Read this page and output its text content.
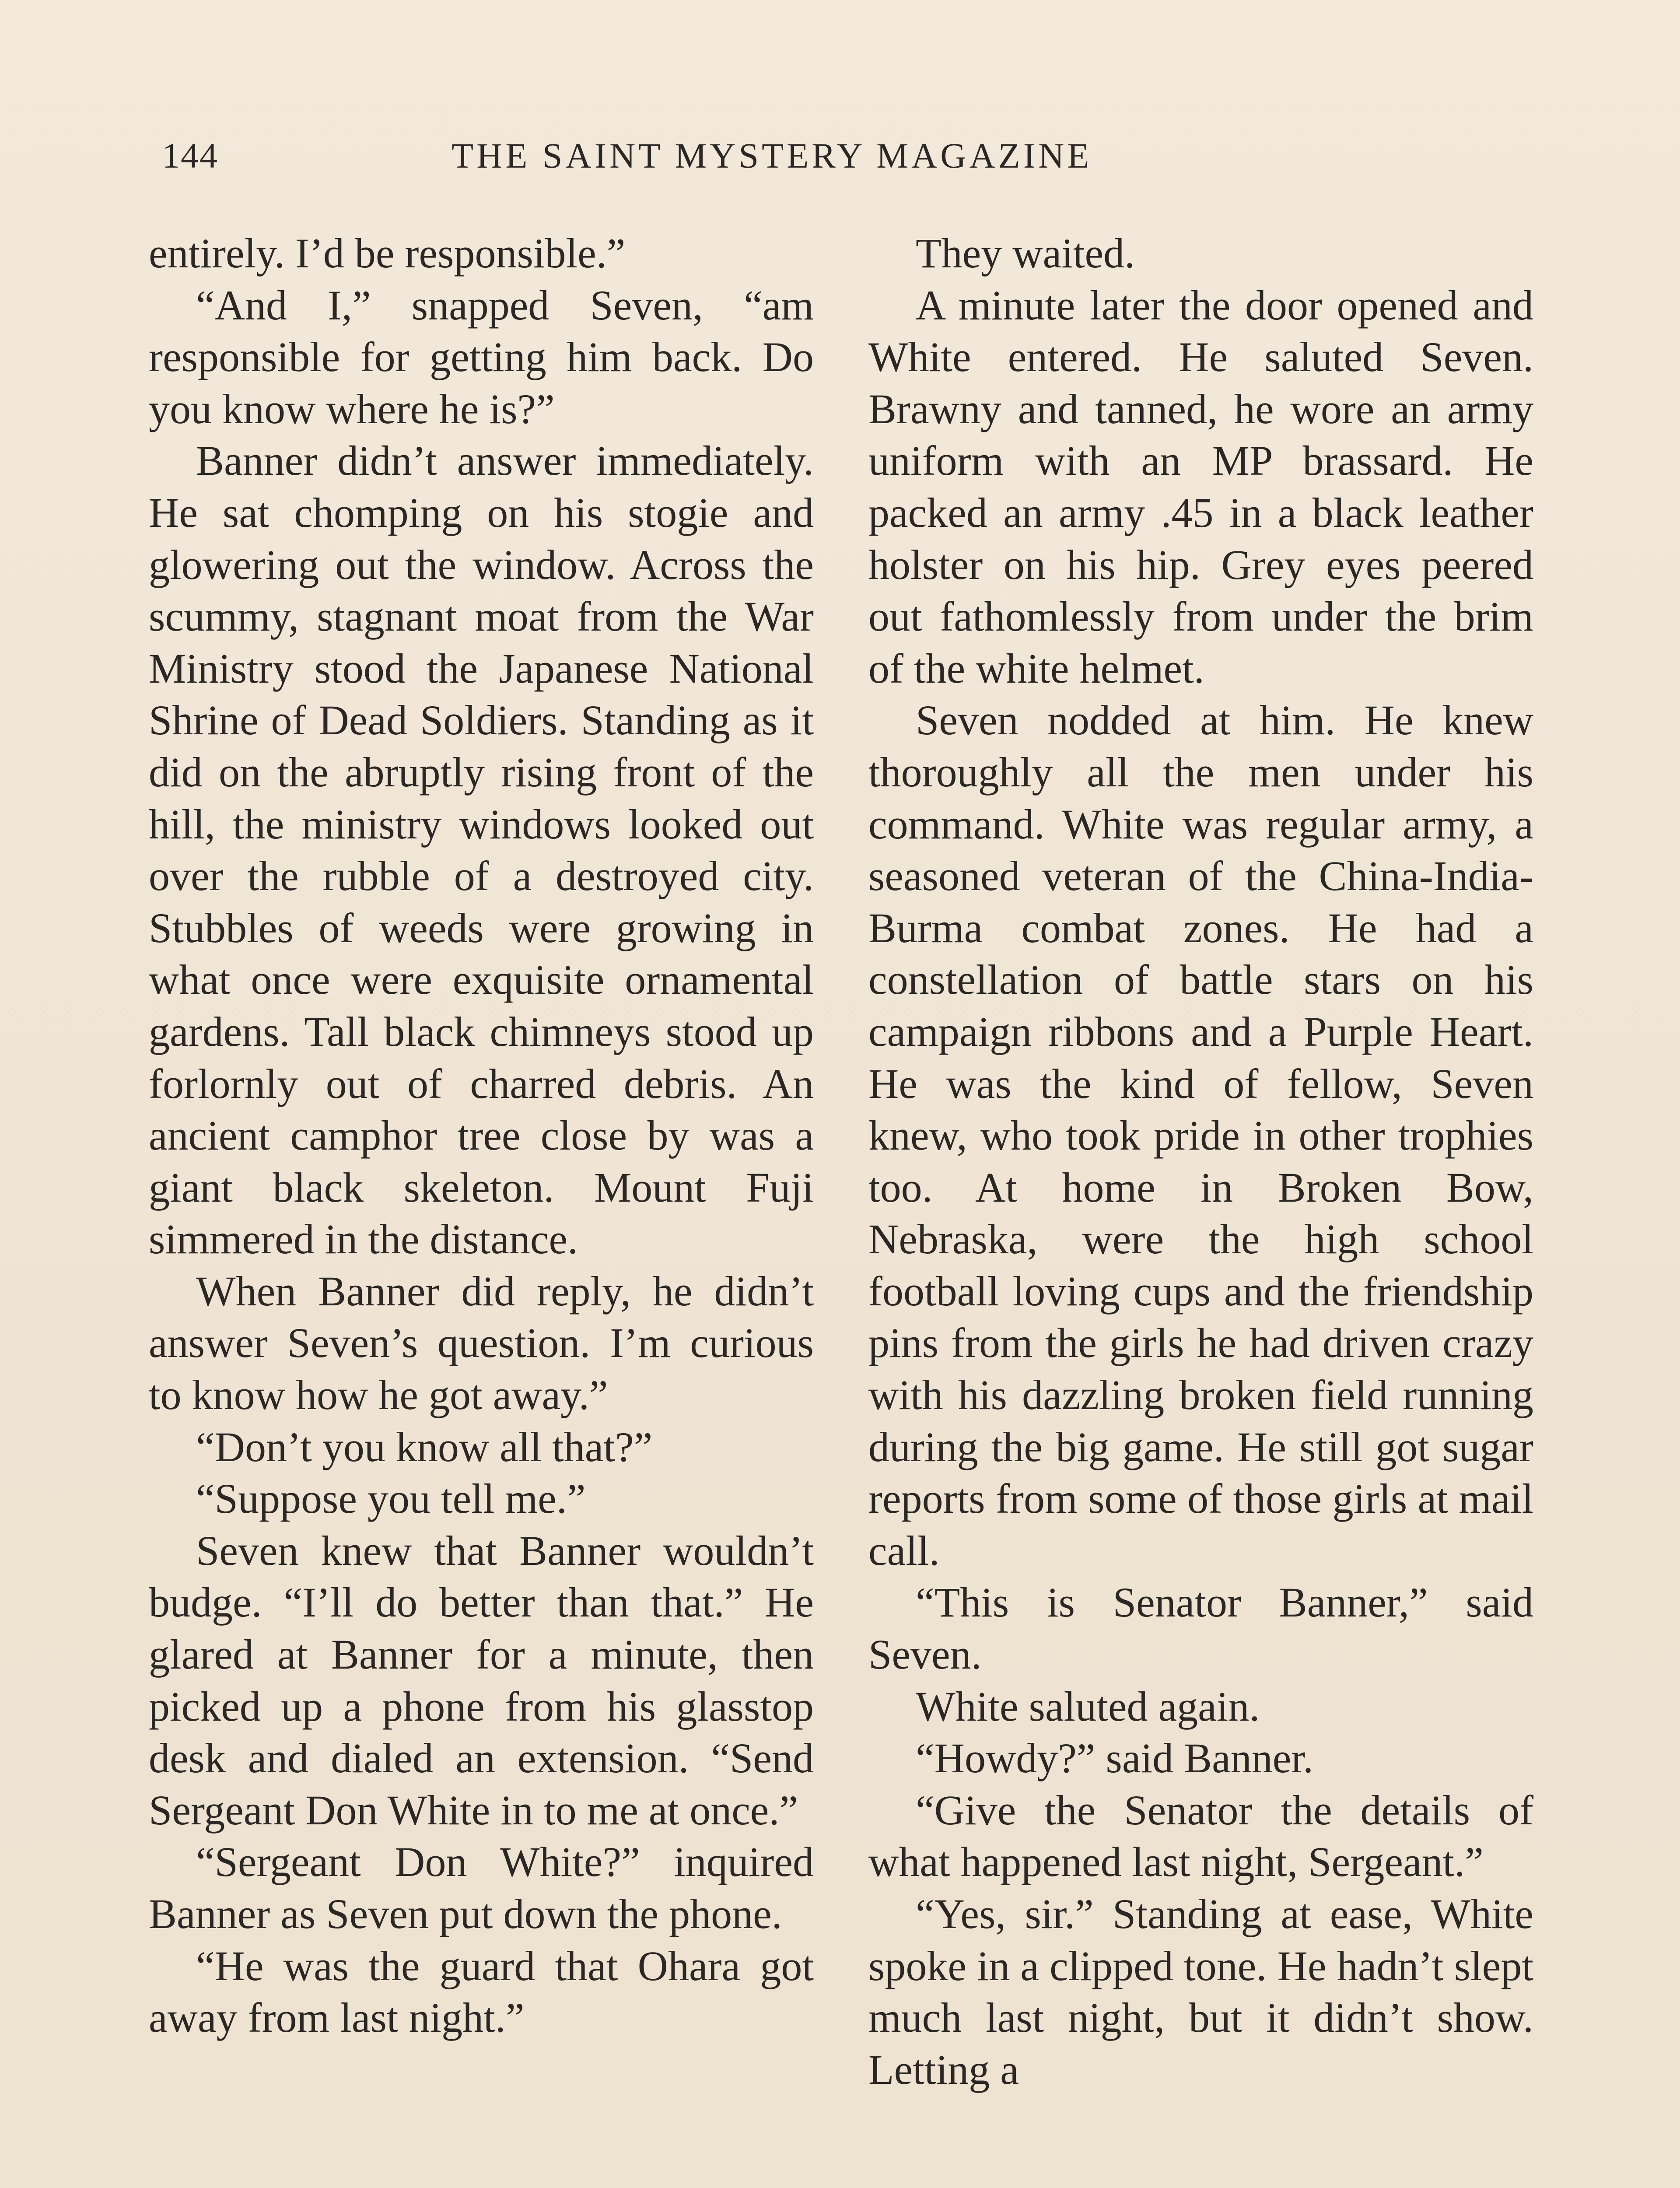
144	THE SAINT MYSTERY MAGAZINE

entirely. I’d be responsible.”

“And I,” snapped Seven, “am responsible for getting him back. Do you know where he is?”

Banner didn’t answer immediately. He sat chomping on his stogie and glowering out the window. Across the scummy, stagnant moat from the War Ministry stood the Japanese National Shrine of Dead Soldiers. Standing as it did on the abruptly rising front of the hill, the ministry windows looked out over the rubble of a destroyed city. Stubbles of weeds were growing in what once were exquisite ornamental gardens. Tall black chimneys stood up forlornly out of charred debris. An ancient camphor tree close by was a giant black skeleton. Mount Fuji simmered in the distance.

When Banner did reply, he didn’t answer Seven’s question. I’m curious to know how he got away.”

“Don’t you know all that?”

“Suppose you tell me.”

Seven knew that Banner wouldn’t budge. “I’ll do better than that.” He glared at Banner for a minute, then picked up a phone from his glasstop desk and dialed an extension. “Send Sergeant Don White in to me at once.”

“Sergeant Don White?” inquired Banner as Seven put down the phone.

“He was the guard that Ohara got away from last night.”

They waited.

A minute later the door opened and White entered. He saluted Seven. Brawny and tanned, he wore an army uniform with an MP brassard. He packed an army .45 in a black leather holster on his hip. Grey eyes peered out fathomlessly from under the brim of the white helmet.

Seven nodded at him. He knew thoroughly all the men under his command. White was regular army, a seasoned veteran of the China-India-Burma combat zones. He had a constellation of battle stars on his campaign ribbons and a Purple Heart. He was the kind of fellow, Seven knew, who took pride in other trophies too. At home in Broken Bow, Nebraska, were the high school football loving cups and the friendship pins from the girls he had driven crazy with his dazzling broken field running during the big game. He still got sugar reports from some of those girls at mail call.

“This is Senator Banner,” said Seven.

White saluted again.

“Howdy?” said Banner.

“Give the Senator the details of what happened last night, Sergeant.”

“Yes, sir.” Standing at ease, White spoke in a clipped tone. He hadn’t slept much last night, but it didn’t show. Letting a
